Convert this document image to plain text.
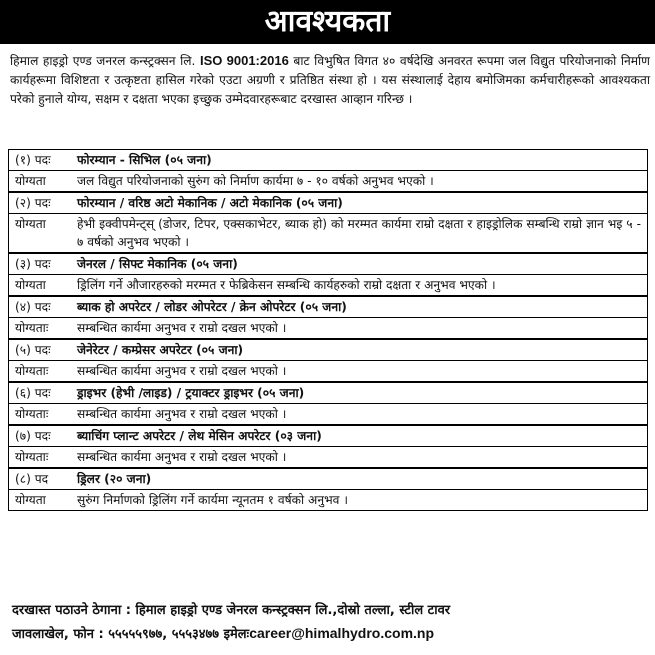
आवश्यकता
हिमाल हाइड्रो एण्ड जनरल कन्स्ट्रक्सन लि. ISO 9001:2016 बाट विभुषित विगत ४० वर्षदेखि अनवरत रूपमा जल विद्युत परियोजनाको निर्माण कार्यहरूमा विशिष्टता र उत्कृष्टता हासिल गरेको एउटा अग्रणी र प्रतिष्ठित संस्था हो । यस संस्थालाई देहाय बमोजिमका कर्मचारीहरूको आवश्यकता परेको हुनाले योग्य, सक्षम र दक्षता भएका इच्छुक उम्मेदवारहरूबाट दरखास्त आव्हान गरिन्छ ।
(१) पदः	फोरम्यान - सिभिल (०५ जना)
योग्यता	जल विद्युत परियोजनाको सुरुंग को निर्माण कार्यमा ७ - १० वर्षको अनुभव भएको ।
(२) पदः	फोरम्यान / वरिष्ठ अटो मेकानिक / अटो मेकानिक (०५ जना)
योग्यता	हेभी इक्वीपमेन्ट्स् (डोजर, टिपर, एक्सकाभेटर, ब्याक हो) को मरम्मत कार्यमा राम्रो दक्षता र हाइड्रोलिक सम्बन्धि राम्रो ज्ञान भइ ५ - ७ वर्षको अनुभव भएको ।
(३) पदः	जेनरल / सिफ्ट मेकानिक (०५ जना)
योग्यता	ड्रिलिंग गर्ने औजारहरुको मरम्मत र फेब्रिकेसन सम्बन्धि कार्यहरुको राम्रो दक्षता र अनुभव भएको ।
(४) पदः	ब्याक हो अपरेटर / लोडर ओपरेटर / क्रेन ओपरेटर (०५ जना)
योग्यताः	सम्बन्धित कार्यमा अनुभव र राम्रो दखल भएको ।
(५) पदः	जेनेरेटर / कम्प्रेसर अपरेटर (०५ जना)
योग्यताः	सम्बन्धित कार्यमा अनुभव र राम्रो दखल भएको ।
(६) पदः	ड्राइभर (हेभी /लाइड) / ट्रयाक्टर ड्राइभर (०५ जना)
योग्यताः	सम्बन्धित कार्यमा अनुभव र राम्रो दखल भएको ।
(७) पदः	ब्याचिंग प्लान्ट अपरेटर / लेथ मेसिन अपरेटर (०३ जना)
योग्यताः	सम्बन्धित कार्यमा अनुभव र राम्रो दखल भएको ।
(८) पद	ड्रिलर (२० जना)
योग्यता	सुरुंग निर्माणको ड्रिलिंग गर्ने कार्यमा न्यूनतम १ वर्षको अनुभव ।
दरखास्त पठाउने ठेगाना : हिमाल हाइड्रो एण्ड जेनरल कन्स्ट्रक्सन लि.,दोस्रो तल्ला, स्टील टावर
जावलाखेल, फोन : ५५५५५९७७, ५५५३४७७ इमेलःcareer@himalhydro.com.np
